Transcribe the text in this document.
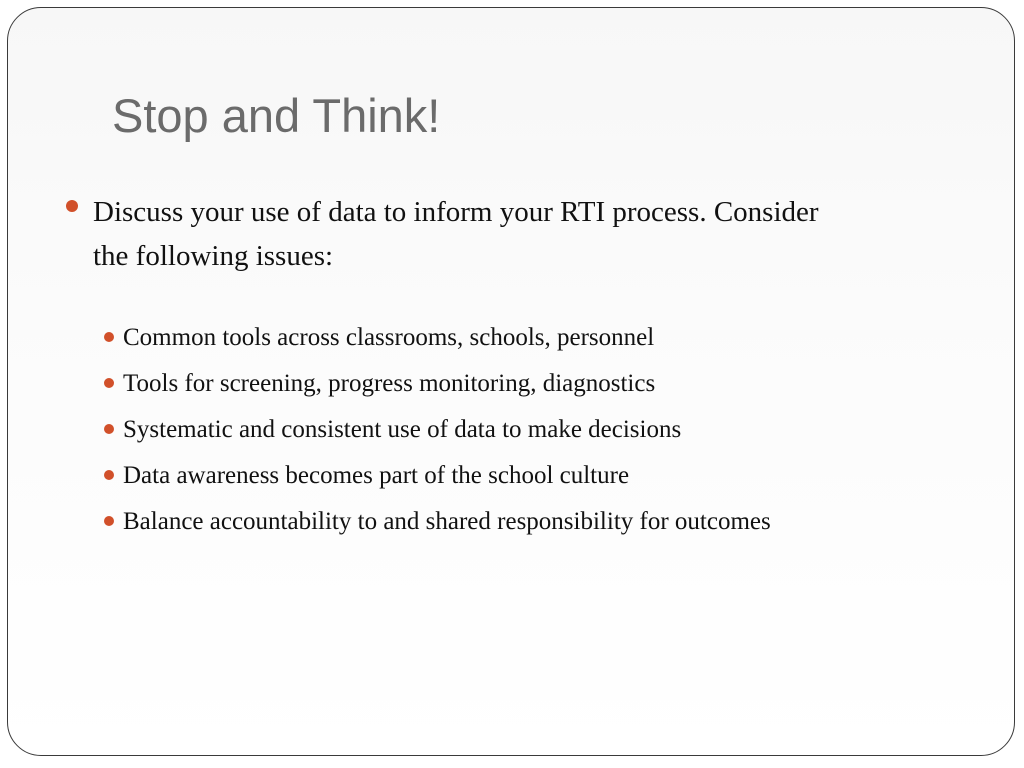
Stop and Think!
Discuss your use of data to inform your RTI process. Consider the following issues:
Common tools across classrooms, schools, personnel
Tools for screening, progress monitoring, diagnostics
Systematic and consistent use of data to make decisions
Data awareness becomes part of the school culture
Balance accountability to and shared responsibility for outcomes
